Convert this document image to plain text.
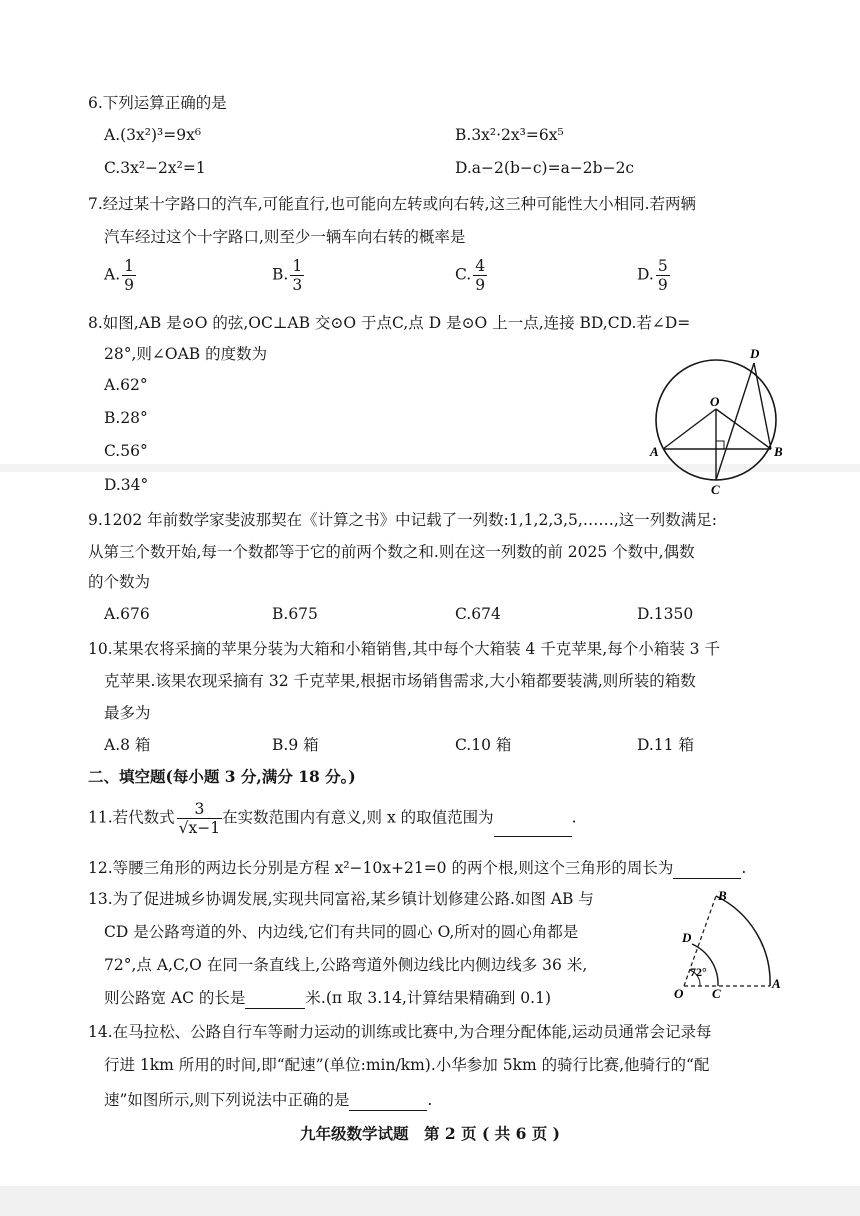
6.下列运算正确的是
A.(3x²)³=9x⁶	B.3x²·2x³=6x⁵
C.3x²−2x²=1	D.a−2(b−c)=a−2b−2c
7.经过某十字路口的汽车,可能直行,也可能向左转或向右转,这三种可能性大小相同.若两辆
汽车经过这个十字路口,则至少一辆车向右转的概率是
A. $\frac{1}{9}$	B. $\frac{1}{3}$	C. $\frac{4}{9}$	D. $\frac{5}{9}$
8.如图,AB 是⊙O 的弦,OC⊥AB 交⊙O 于点C,点 D 是⊙O 上一点,连接 BD,CD.若∠D=
28°,则∠OAB 的度数为
A.62°
B.28°
C.56°
D.34°
D
O
A	B
C
9.1202 年前数学家斐波那契在《计算之书》中记载了一列数:1,1,2,3,5,……,这一列数满足:
从第三个数开始,每一个数都等于它的前两个数之和.则在这一列数的前 2025 个数中,偶数
的个数为
A.676	B.675	C.674	D.1350
10.某果农将采摘的苹果分装为大箱和小箱销售,其中每个大箱装 4 千克苹果,每个小箱装 3 千
克苹果.该果农现采摘有 32 千克苹果,根据市场销售需求,大小箱都要装满,则所装的箱数
最多为
A.8 箱	B.9 箱	C.10 箱	D.11 箱
二、填空题(每小题 3 分,满分 18 分。)
11.若代数式 $\frac{3}{√x-1}$ 在实数范围内有意义,则 x 的取值范围为	.
12.等腰三角形的两边长分别是方程 x²−10x+21=0 的两个根,则这个三角形的周长为	.
13.为了促进城乡协调发展,实现共同富裕,某乡镇计划修建公路.如图 AB 与
CD 是公路弯道的外、内边线,它们有共同的圆心 O,所对的圆心角都是
72°,点 A,C,O 在同一条直线上,公路弯道外侧边线比内侧边线多 36 米,
则公路宽 AC 的长是	米.(π 取 3.14,计算结果精确到 0.1)
B
D
72°
O C
A
14.在马拉松、公路自行车等耐力运动的训练或比赛中,为合理分配体能,运动员通常会记录每
行进 1km 所用的时间,即“配速”(单位:min/km).小华参加 5km 的骑行比赛,他骑行的“配
速”如图所示,则下列说法中正确的是	.
九年级数学试题　第 2 页 ( 共 6 页 )
